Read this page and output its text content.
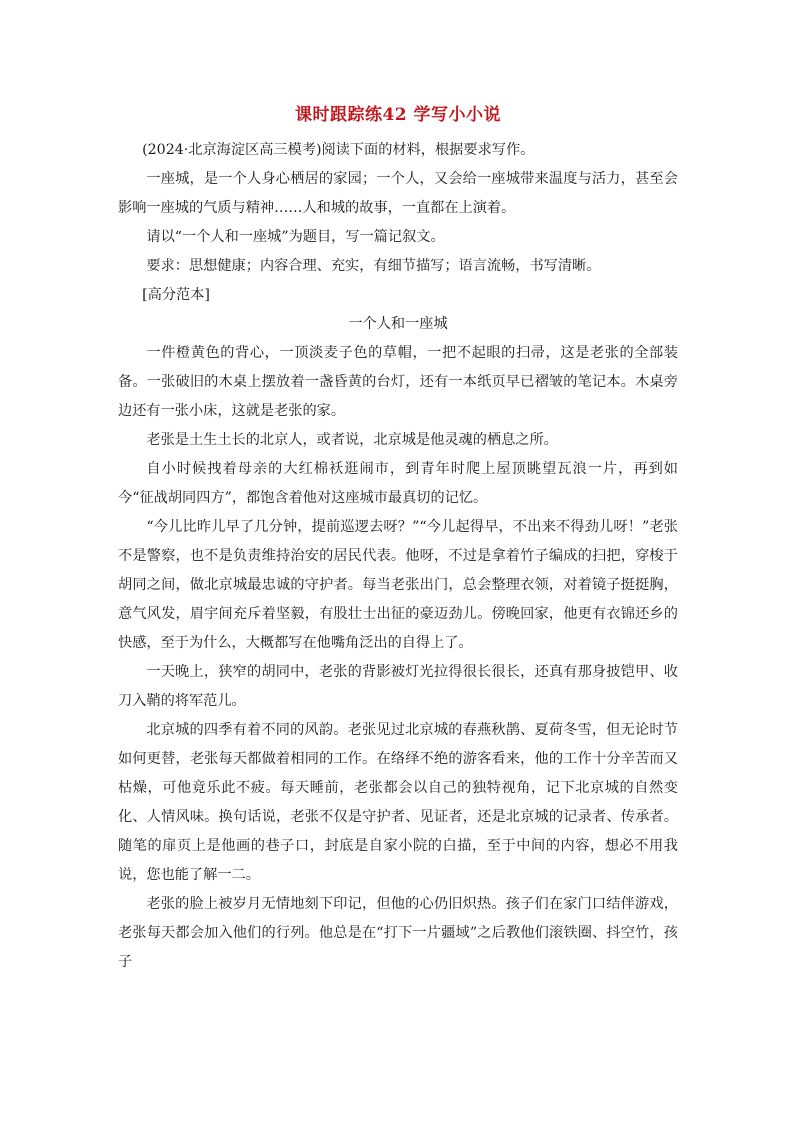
课时跟踪练42 学写小小说

(2024·北京海淀区高三模考)阅读下面的材料，根据要求写作。

一座城，是一个人身心栖居的家园；一个人，又会给一座城带来温度与活力，甚至会影响一座城的气质与精神……人和城的故事，一直都在上演着。

请以“一个人和一座城”为题目，写一篇记叙文。

要求：思想健康；内容合理、充实，有细节描写；语言流畅，书写清晰。

[高分范本]

一个人和一座城

一件橙黄色的背心，一顶淡麦子色的草帽，一把不起眼的扫帚，这是老张的全部装备。一张破旧的木桌上摆放着一盏昏黄的台灯，还有一本纸页早已褶皱的笔记本。木桌旁边还有一张小床，这就是老张的家。

老张是土生土长的北京人，或者说，北京城是他灵魂的栖息之所。

自小时候拽着母亲的大红棉袄逛闹市，到青年时爬上屋顶眺望瓦浪一片，再到如今“征战胡同四方”，都饱含着他对这座城市最真切的记忆。

“今儿比昨儿早了几分钟，提前巡逻去呀？”“今儿起得早，不出来不得劲儿呀！”老张不是警察，也不是负责维持治安的居民代表。他呀，不过是拿着竹子编成的扫把，穿梭于胡同之间，做北京城最忠诚的守护者。每当老张出门，总会整理衣领，对着镜子挺挺胸，意气风发，眉宇间充斥着坚毅，有股壮士出征的豪迈劲儿。傍晚回家，他更有衣锦还乡的快感，至于为什么，大概都写在他嘴角泛出的自得上了。

一天晚上，狭窄的胡同中，老张的背影被灯光拉得很长很长，还真有那身披铠甲、收刀入鞘的将军范儿。

北京城的四季有着不同的风韵。老张见过北京城的春燕秋鹊、夏荷冬雪，但无论时节如何更替，老张每天都做着相同的工作。在络绎不绝的游客看来，他的工作十分辛苦而又枯燥，可他竟乐此不疲。每天睡前，老张都会以自己的独特视角，记下北京城的自然变化、人情风味。换句话说，老张不仅是守护者、见证者，还是北京城的记录者、传承者。随笔的扉页上是他画的巷子口，封底是自家小院的白描，至于中间的内容，想必不用我说，您也能了解一二。

老张的脸上被岁月无情地刻下印记，但他的心仍旧炽热。孩子们在家门口结伴游戏，老张每天都会加入他们的行列。他总是在“打下一片疆域”之后教他们滚铁圈、抖空竹，孩子
